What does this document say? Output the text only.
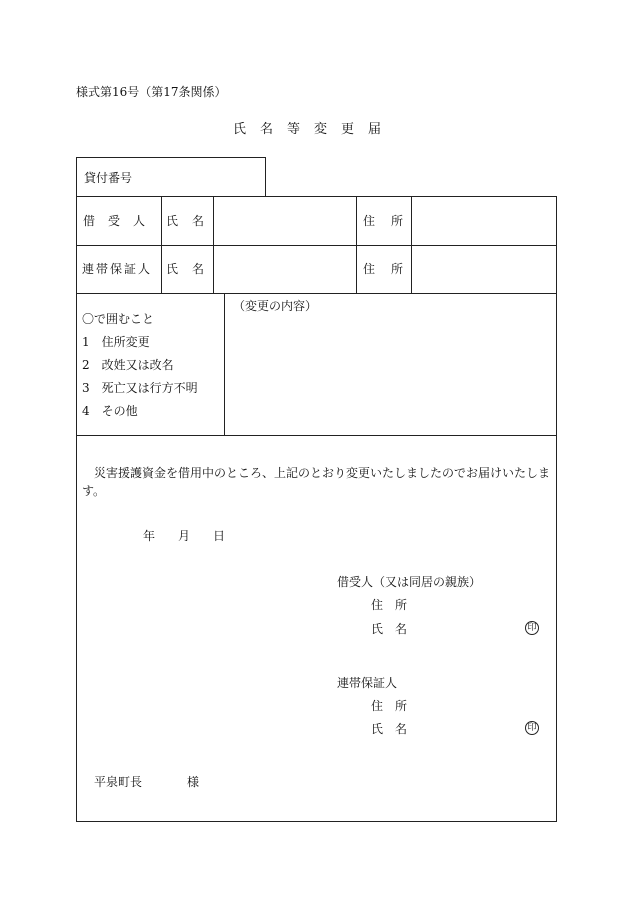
様式第16号（第17条関係）
氏名等変更届
貸付番号
借受人 氏名	住所
連帯保証人 氏名	住所
〇で囲むこと
1　住所変更
2　改姓又は改名
3　死亡又は行方不明
4　その他
（変更の内容）
災害援護資金を借用中のところ、上記のとおり変更いたしましたのでお届けいたしま
す。
年 月 日
借受人（又は同居の親族）
住　所
氏　名	印
連帯保証人
住　所
氏　名	印
平泉町長	様
